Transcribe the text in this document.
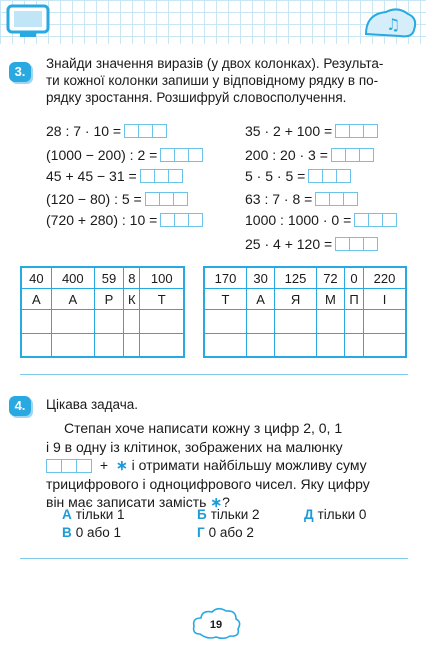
♫
3.
Знайди значення виразів (у двох колонках). Результа-
ти кожної колонки запиши у відповідному рядку в по-
рядку зростання. Розшифруй словосполучення.
28 : 7 · 10 =
(1000 − 200) : 2 =
45 + 45 − 31 =
(120 − 80) : 5 =
(720 + 280) : 10 =
35 · 2 + 100 =
200 : 20 · 3 =
5 · 5 · 5 =
63 : 7 · 8 =
1000 : 1000 · 0 =
25 · 4 + 120 =
40	400	59	8	100
А	А	Р	К	Т

170	30	125	72	0	220
Т	А	Я	М	П	І

4.	Цікава задача.
Степан хоче написати кожну з цифр 2, 0, 1
і 9 в одну із клітинок, зображених на малюнку
+ ∗ і отримати найбільшу можливу суму
трицифрового і одноцифрового чисел. Яку цифру
він має записати замість ∗?
А тільки 1	Б тільки 2	Д тільки 0
В 0 або 1	Г 0 або 2
19
